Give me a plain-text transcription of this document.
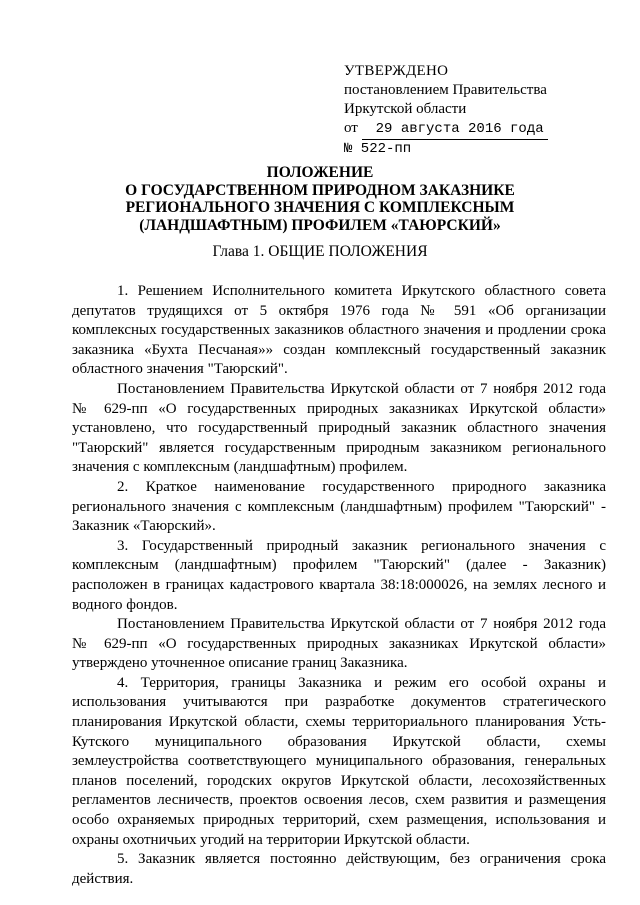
УТВЕРЖДЕНО
постановлением Правительства
Иркутской области
от 29 августа 2016 года
№ 522-пп
ПОЛОЖЕНИЕ
О ГОСУДАРСТВЕННОМ ПРИРОДНОМ ЗАКАЗНИКЕ
РЕГИОНАЛЬНОГО ЗНАЧЕНИЯ С КОМПЛЕКСНЫМ
(ЛАНДШАФТНЫМ) ПРОФИЛЕМ «ТАЮРСКИЙ»
Глава 1. ОБЩИЕ ПОЛОЖЕНИЯ

1. Решением Исполнительного комитета Иркутского областного совета депутатов трудящихся от 5 октября 1976 года № 591 «Об организации комплексных государственных заказников областного значения и продлении срока заказника «Бухта Песчаная»» создан комплексный государственный заказник областного значения "Таюрский".

Постановлением Правительства Иркутской области от 7 ноября 2012 года № 629-пп «О государственных природных заказниках Иркутской области» установлено, что государственный природный заказник областного значения "Таюрский" является государственным природным заказником регионального значения с комплексным (ландшафтным) профилем.

2. Краткое наименование государственного природного заказника регионального значения с комплексным (ландшафтным) профилем "Таюрский" - Заказник «Таюрский».

3. Государственный природный заказник регионального значения с комплексным (ландшафтным) профилем "Таюрский" (далее - Заказник) расположен в границах кадастрового квартала 38:18:000026, на землях лесного и водного фондов.

Постановлением Правительства Иркутской области от 7 ноября 2012 года № 629-пп «О государственных природных заказниках Иркутской области» утверждено уточненное описание границ Заказника.

4. Территория, границы Заказника и режим его особой охраны и использования учитываются при разработке документов стратегического планирования Иркутской области, схемы территориального планирования Усть-Кутского муниципального образования Иркутской области, схемы землеустройства соответствующего муниципального образования, генеральных планов поселений, городских округов Иркутской области, лесохозяйственных регламентов лесничеств, проектов освоения лесов, схем развития и размещения особо охраняемых природных территорий, схем размещения, использования и охраны охотничьих угодий на территории Иркутской области.

5. Заказник является постоянно действующим, без ограничения срока действия.
